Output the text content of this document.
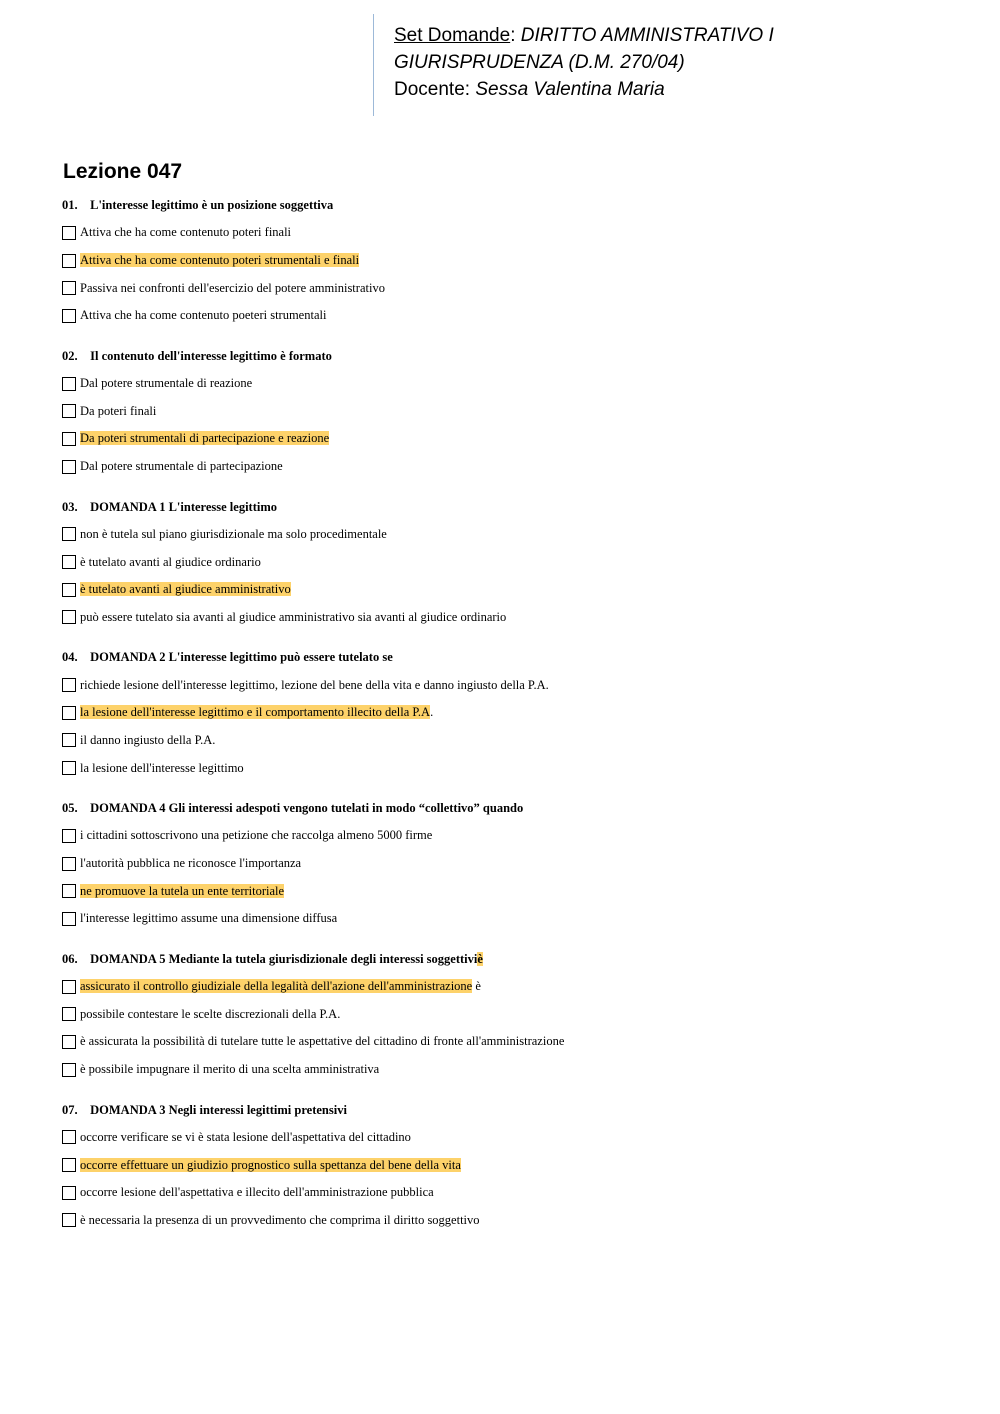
Set Domande: DIRITTO AMMINISTRATIVO I
GIURISPRUDENZA (D.M. 270/04)
Docente: Sessa Valentina Maria
Lezione 047
01. L'interesse legittimo è un posizione soggettiva
Attiva che ha come contenuto poteri finali
Attiva che ha come contenuto poteri strumentali e finali
Passiva nei confronti dell'esercizio del potere amministrativo
Attiva che ha come contenuto poeteri strumentali
02. Il contenuto dell'interesse legittimo è formato
Dal potere strumentale di reazione
Da poteri finali
Da poteri strumentali di partecipazione e reazione
Dal potere strumentale di partecipazione
03. DOMANDA 1 L'interesse legittimo
non è tutela sul piano giurisdizionale ma solo procedimentale
è tutelato avanti al giudice ordinario
è tutelato avanti al giudice amministrativo
può essere tutelato sia avanti al giudice amministrativo sia avanti al giudice ordinario
04. DOMANDA 2 L'interesse legittimo può essere tutelato se
richiede lesione dell'interesse legittimo, lezione del bene della vita e danno ingiusto della P.A.
la lesione dell'interesse legittimo e il comportamento illecito della P.A.
il danno ingiusto della P.A.
la lesione dell'interesse legittimo
05. DOMANDA 4 Gli interessi adespoti vengono tutelati in modo “collettivo” quando
i cittadini sottoscrivono una petizione che raccolga almeno 5000 firme
l'autorità pubblica ne riconosce l'importanza
ne promuove la tutela un ente territoriale
l'interesse legittimo assume una dimensione diffusa
06. DOMANDA 5 Mediante la tutela giurisdizionale degli interessi soggettiviè
assicurato il controllo giudiziale della legalità dell'azione dell'amministrazione è
possibile contestare le scelte discrezionali della P.A.
è assicurata la possibilità di tutelare tutte le aspettative del cittadino di fronte all'amministrazione
è possibile impugnare il merito di una scelta amministrativa
07. DOMANDA 3 Negli interessi legittimi pretensivi
occorre verificare se vi è stata lesione dell'aspettativa del cittadino
occorre effettuare un giudizio prognostico sulla spettanza del bene della vita
occorre lesione dell'aspettativa e illecito dell'amministrazione pubblica
è necessaria la presenza di un provvedimento che comprima il diritto soggettivo
